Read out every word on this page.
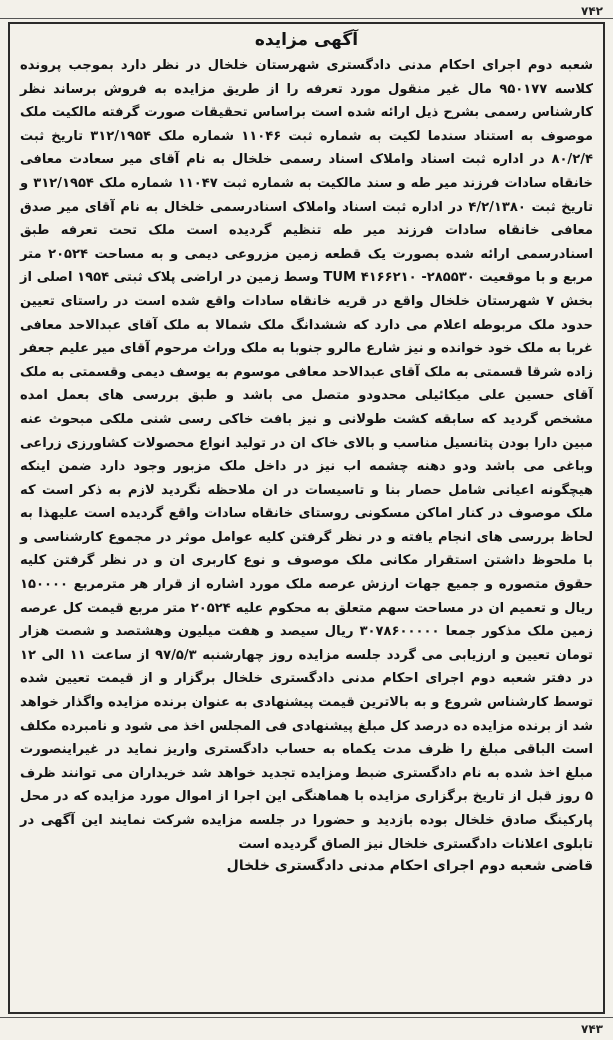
۷۴۲
آگهی مزایده

شعبه دوم اجرای احکام مدنی دادگستری شهرستان خلخال در نظر دارد بموجب پرونده کلاسه ۹۵۰۱۷۷ مال غیر منقول مورد تعرفه را از طریق مزایده به فروش برساند نظر کارشناس رسمی بشرح ذیل ارائه شده است براساس تحقیقات صورت گرفته مالکیت ملک موصوف به استناد سندما لکیت به شماره ثبت ۱۱۰۴۶ شماره ملک ۳۱۲/۱۹۵۴ تاریخ ثبت ۸۰/۲/۴ در اداره ثبت اسناد واملاک اسناد رسمی خلخال به نام آقای میر سعادت معافی خانقاه سادات فرزند میر طه و سند مالکیت به شماره ثبت ۱۱۰۴۷ شماره ملک ۳۱۲/۱۹۵۴ و تاریخ ثبت ۴/۲/۱۳۸۰ در اداره ثبت اسناد واملاک اسنادرسمی خلخال به نام آقای میر صدق معافی خانقاه سادات فرزند میر طه تنظیم گردیده است ملک تحت تعرفه طبق اسنادرسمی ارائه شده بصورت یک قطعه زمین مزروعی دیمی و به مساحت ۲۰۵۲۴ متر مربع و با موقعیت ۲۸۵۵۳۰- ۴۱۶۶۲۱۰ TUM وسط زمین در اراضی پلاک ثبتی ۱۹۵۴ اصلی از بخش ۷ شهرستان خلخال واقع در قریه خانقاه سادات واقع شده است در راستای تعیین حدود ملک مربوطه اعلام می دارد که ششدانگ ملک شمالا به ملک آقای عبدالاحد معافی غربا به ملک خود خوانده و نیز شارع مالرو جنوبا به ملک وراث مرحوم آقای میر علیم جعفر زاده شرقا قسمتی به ملک آقای عبدالاحد معافی موسوم به یوسف دیمی وقسمتی به ملک آقای حسین علی میکائیلی محدودو متصل می باشد و طبق بررسی های بعمل امده مشخص گردید که سابقه کشت طولانی و نیز بافت خاکی رسی شنی ملکی مبحوث عنه مبین دارا بودن پتانسیل مناسب و بالای خاک ان در تولید انواع محصولات کشاورزی زراعی وباغی می باشد ودو دهنه چشمه اب نیز در داخل ملک مزبور وجود دارد ضمن اینکه هیچگونه اعیانی شامل حصار بنا و تاسیسات در ان ملاحظه نگردید لازم به ذکر است که ملک موصوف در کنار اماکن مسکونی روستای خانقاه سادات واقع گردیده است علیهذا به لحاظ بررسی های انجام یافته و در نظر گرفتن کلیه عوامل موثر در مجموع کارشناسی و با ملحوظ داشتن استقرار مکانی ملک موصوف و نوع کاربری ان و در نظر گرفتن کلیه حقوق متصوره و جمیع جهات ارزش عرصه ملک مورد اشاره از قرار هر مترمربع ۱۵۰۰۰۰ ریال و تعمیم ان در مساحت سهم متعلق به محکوم علیه ۲۰۵۲۴ متر مربع قیمت کل عرصه زمین ملک مذکور جمعا ۳۰۷۸۶۰۰۰۰۰ ریال سیصد و هفت میلیون وهشتصد و شصت هزار تومان تعیین و ارزیابی می گردد جلسه مزایده روز چهارشنبه ۹۷/۵/۳ از ساعت ۱۱ الی ۱۲ در دفتر شعبه دوم اجرای احکام مدنی دادگستری خلخال برگزار و از قیمت تعیین شده توسط کارشناس شروع و به بالاترین قیمت پیشنهادی به عنوان برنده مزایده واگذار خواهد شد از برنده مزایده ده درصد کل مبلغ پیشنهادی فی المجلس اخذ می شود و نامبرده مکلف است الباقی مبلغ را ظرف مدت یکماه به حساب دادگستری واریز نماید در غیراینصورت مبلغ اخذ شده به نام دادگستری ضبط ومزایده تجدید خواهد شد خریداران می توانند ظرف ۵ روز قبل از تاریخ برگزاری مزایده با هماهنگی این اجرا از اموال مورد مزایده که در محل پارکینگ صادق خلخال بوده بازدید و حضورا در جلسه مزایده شرکت نمایند این آگهی در تابلوی اعلانات دادگستری خلخال نیز الصاق گردیده است

قاضی شعبه دوم اجرای احکام مدنی دادگستری خلخال
۷۴۳
